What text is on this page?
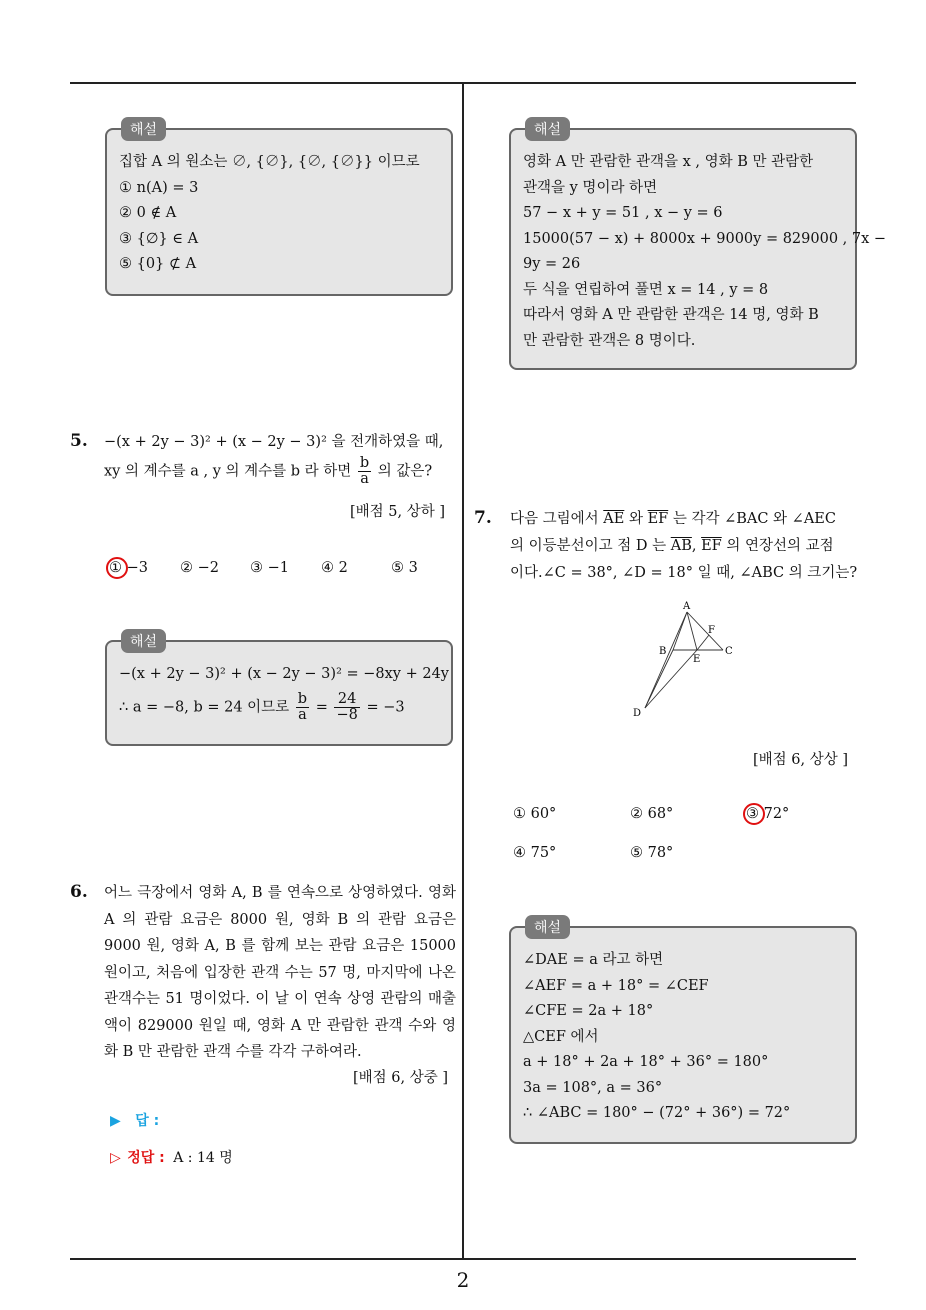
2
해설
집합 A 의 원소는 ∅, {∅}, {∅, {∅}} 이므로
① n(A) = 3
② 0 ∉ A
③ {∅} ∈ A
⑤ {0} ⊄ A
5. −(x + 2y − 3)² + (x − 2y − 3)² 을 전개하였을 때,
xy 의 계수를 a , y 의 계수를 b 라 하면 $\frac{b}{a}$ 의 값은?
[배점 5, 상하 ]
① −3 ② −2 ③ −1 ④ 2	⑤ 3
해설
−(x + 2y − 3)² + (x − 2y − 3)² = −8xy + 24y
∴ a = −8, b = 24 이므로 $\frac{b}{a} = \frac{24}{-8} = -3$
6. 어느 극장에서 영화 A, B 를 연속으로 상영하였다. 영화 A 의 관람 요금은 8000 원, 영화 B 의 관람 요금은 9000 원, 영화 A, B 를 함께 보는 관람 요금은 15000 원이고, 처음에 입장한 관객 수는 57 명, 마지막에 나온 관객수는 51 명이었다. 이 날 이 연속 상영 관람의 매출액이 829000 원일 때, 영화 A 만 관람한 관객 수와 영화 B 만 관람한 관객 수를 각각 구하여라.
[배점 6, 상중 ]
▶ 답 :
▷ 정답 : A : 14 명
해설
영화 A 만 관람한 관객을 x , 영화 B 만 관람한
관객을 y 명이라 하면
57 − x + y = 51 , x − y = 6
15000(57 − x) + 8000x + 9000y = 829000 , 7x −
9y = 26
두 식을 연립하여 풀면 x = 14 , y = 8
따라서 영화 A 만 관람한 관객은 14 명, 영화 B
만 관람한 관객은 8 명이다.
7. 다음 그림에서 $\overline{AE}$ 와 $\overline{EF}$ 는 각각 ∠BAC 와 ∠AEC
의 이등분선이고 점 D 는 $\overline{AB}$, $\overline{EF}$ 의 연장선의 교점
이다.∠C = 38°, ∠D = 18° 일 때, ∠ABC 의 크기는?
A
B	C
D
E
F
[배점 6, 상상 ]
① 60°	② 68°	③ 72°
④ 75°	⑤ 78°
해설
∠DAE = a 라고 하면
∠AEF = a + 18° = ∠CEF
∠CFE = 2a + 18°
△CEF 에서
a + 18° + 2a + 18° + 36° = 180°
3a = 108°, a = 36°
∴ ∠ABC = 180° − (72° + 36°) = 72°
